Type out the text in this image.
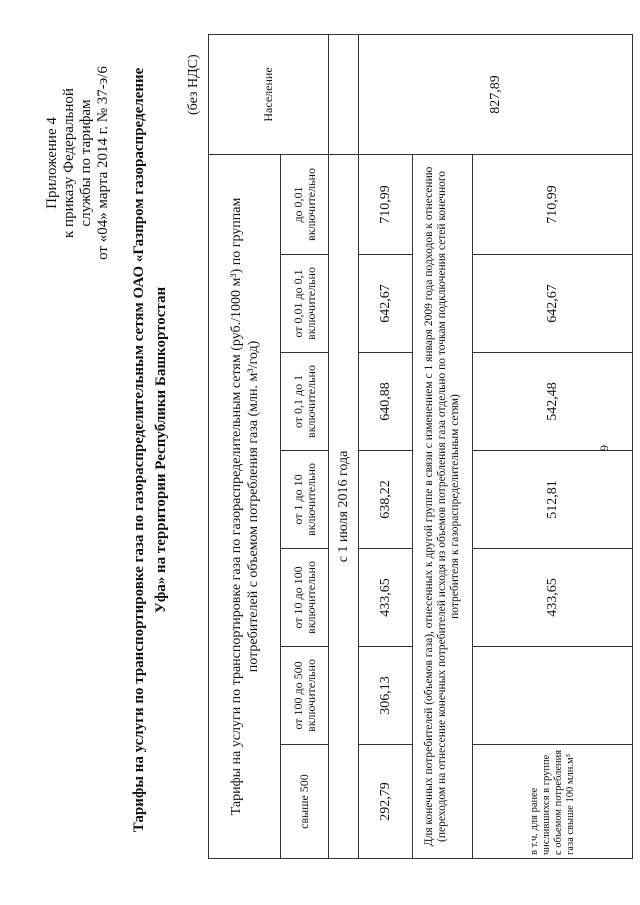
Приложение 4 к приказу Федеральной службы по тарифам от «04» марта 2014 г. № 37-э/6 Тарифы на услуги по транспортировке газа по газораспределительным сетям ОАО «Газпром газораспределение Уфа» на территории Республики Башкортостан
(без НДС)
Тарифы на услуги по транспортировке газа по газораспределительным сетям (руб./1000 м³) по группам потребителей с объемом потребления газа (млн. м³/год)							Население
свыше 500	от 100 до 500 включительно	от 10 до 100 включительно	от 1 до 10 включительно	от 0,1 до 1 включительно	от 0,01 до 0,1 включительно	до 0,01 включительно	
с 1 июля 2016 года							
292,79	306,13	433,65	638,22	640,88	642,67	710,99	827,89
Для конечных потребителей (объемов газа), отнесенных к другой группе в связи с изменением с 1 января 2009 года подходов к отнесению (переходом на отнесение конечных потребителей исходя из объемов потребления газа отдельно по точкам подключения сетей конечного потребителя к газораспределительным сетям)							
в т.ч. для ранее числившихся в группе с объемом потребления газа свыше 100 млн.м³		433,65	512,81	542,48	642,67	710,99	
6
